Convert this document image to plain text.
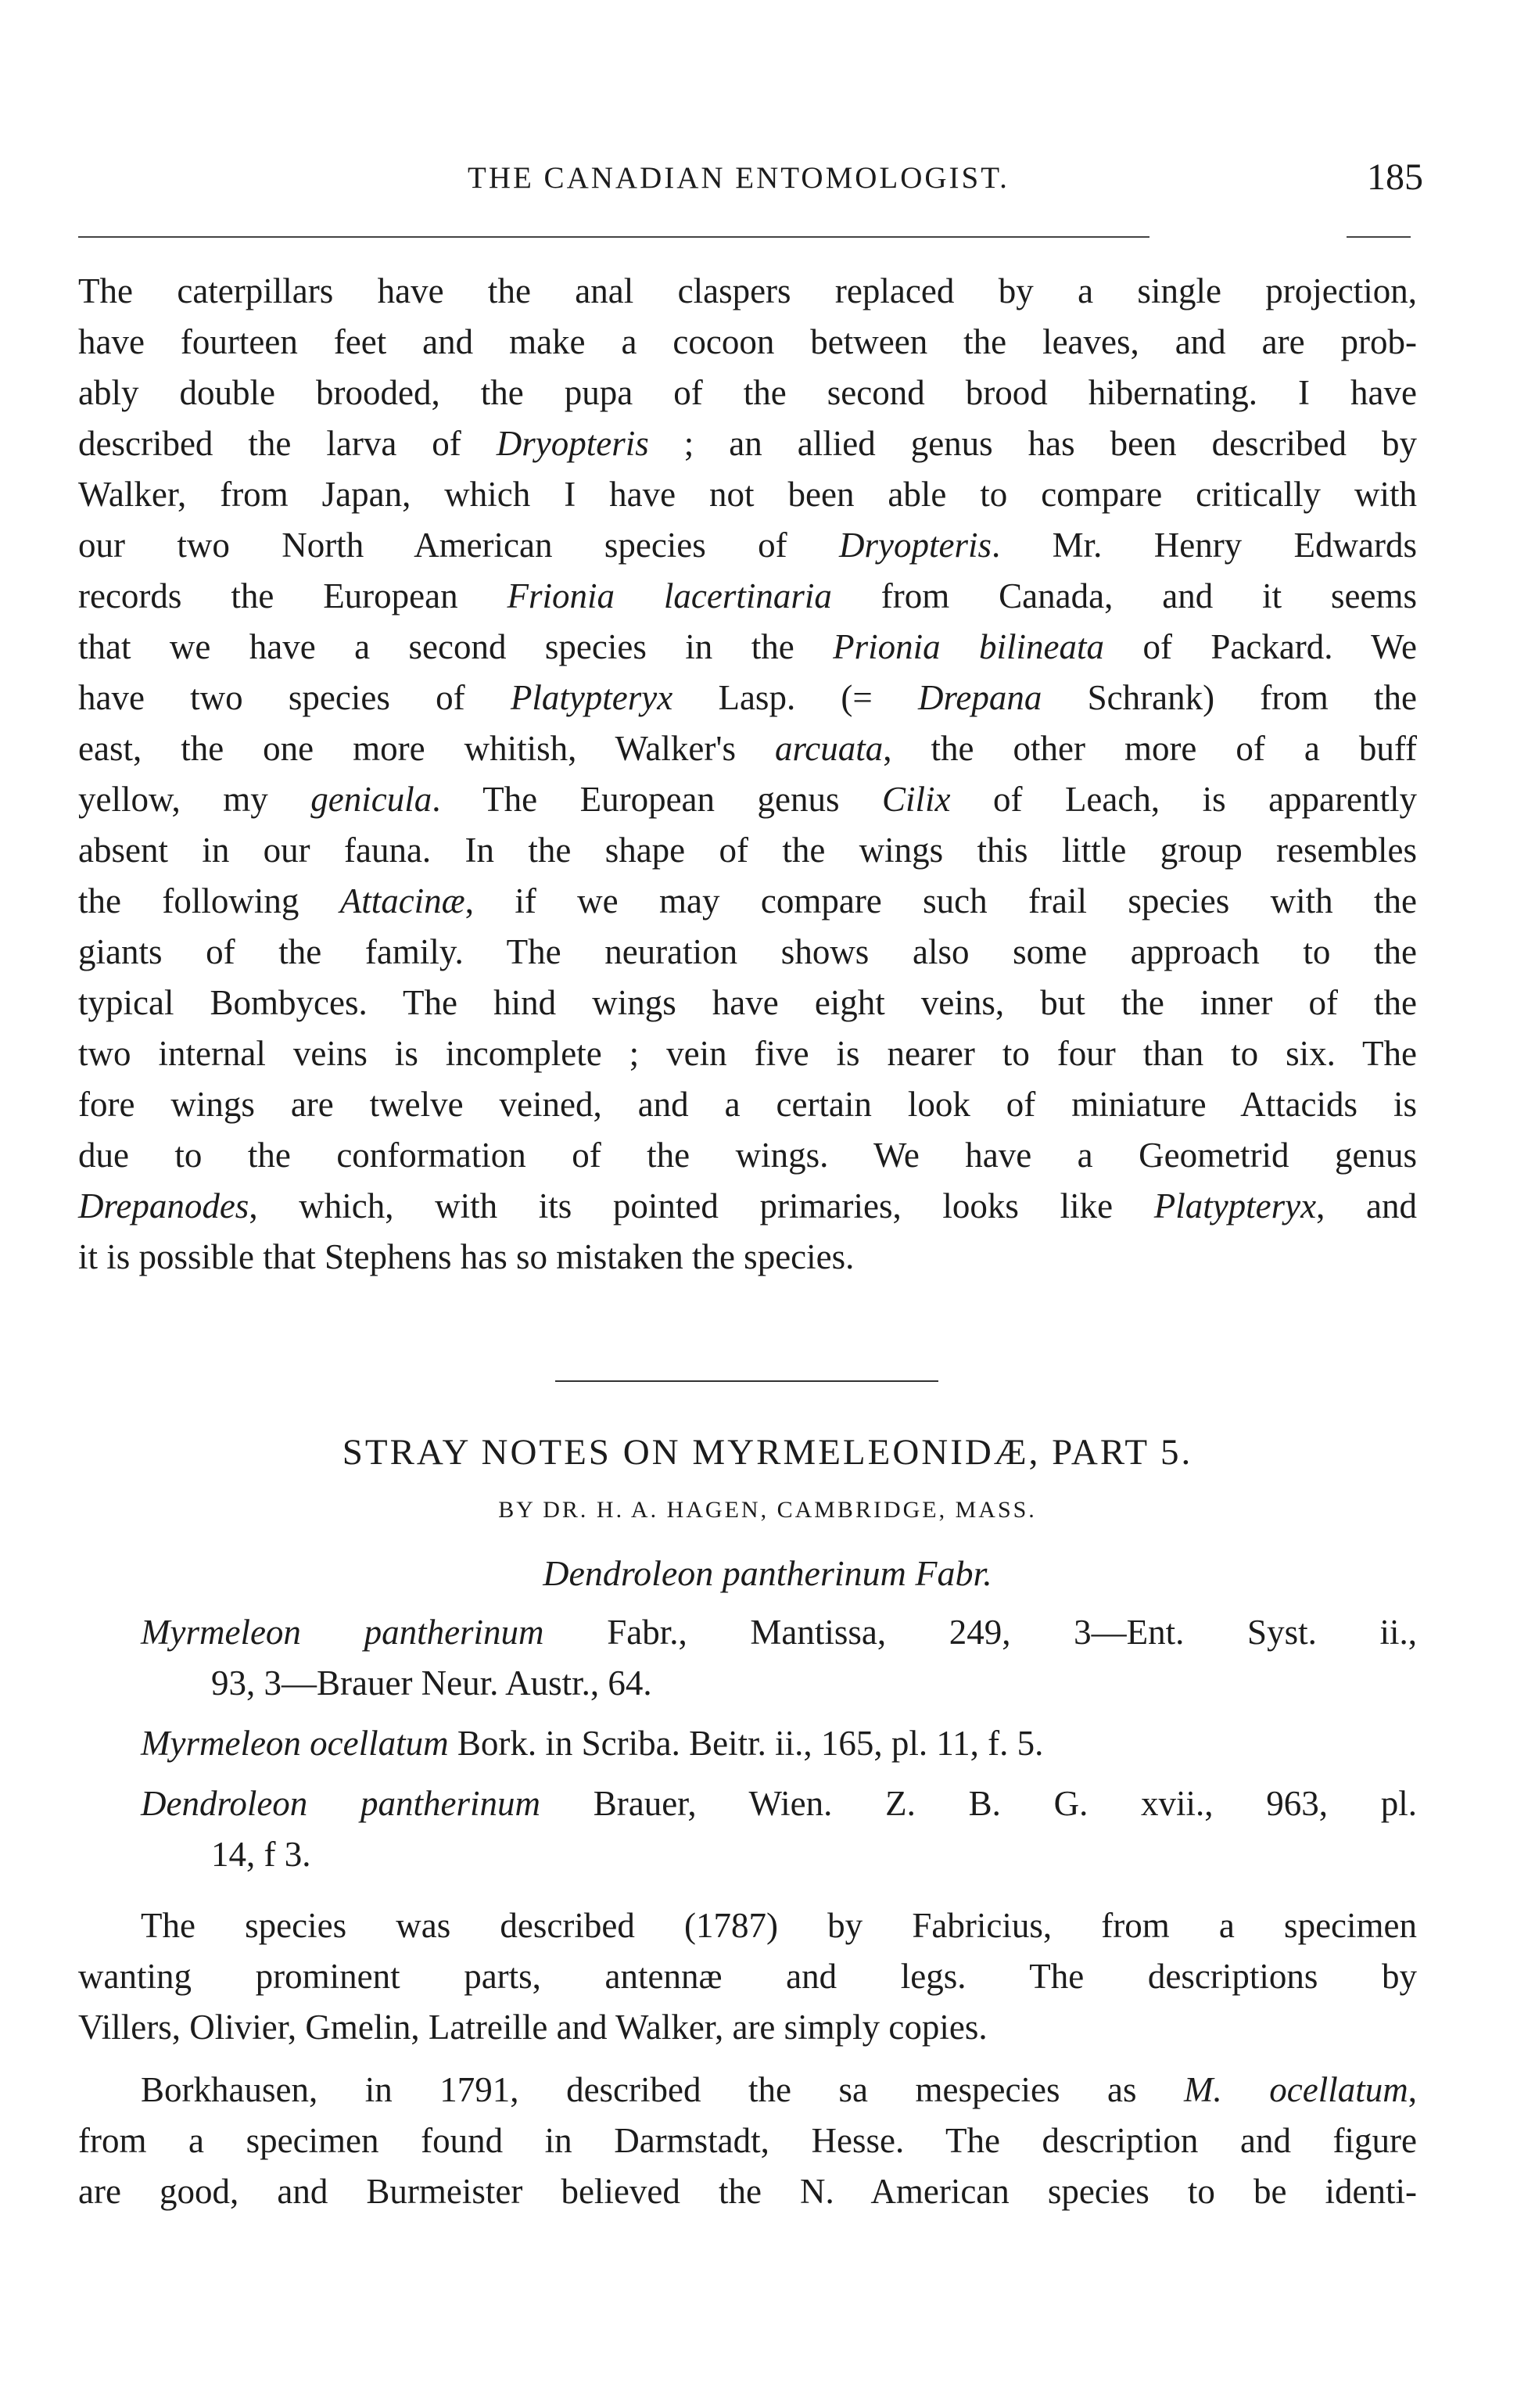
THE CANADIAN ENTOMOLOGIST.	185
The caterpillars have the anal claspers replaced by a single projection,
have fourteen feet and make a cocoon between the leaves, and are prob-
ably double brooded, the pupa of the second brood hibernating. I have
described the larva of Dryopteris ; an allied genus has been described by
Walker, from Japan, which I have not been able to compare critically with
our two North American species of Dryopteris. Mr. Henry Edwards
records the European Frionia lacertinaria from Canada, and it seems
that we have a second species in the Prionia bilineata of Packard. We
have two species of Platypteryx Lasp. (= Drepana Schrank) from the
east, the one more whitish, Walker's arcuata, the other more of a buff
yellow, my genicula. The European genus Cilix of Leach, is apparently
absent in our fauna. In the shape of the wings this little group resembles
the following Attacinæ, if we may compare such frail species with the
giants of the family. The neuration shows also some approach to the
typical Bombyces. The hind wings have eight veins, but the inner of the
two internal veins is incomplete ; vein five is nearer to four than to six. The
fore wings are twelve veined, and a certain look of miniature Attacids is
due to the conformation of the wings. We have a Geometrid genus
Drepanodes, which, with its pointed primaries, looks like Platypteryx, and
it is possible that Stephens has so mistaken the species.
STRAY NOTES ON MYRMELEONIDÆ, PART 5.
BY DR. H. A. HAGEN, CAMBRIDGE, MASS.
Dendroleon pantherinum Fabr.
Myrmeleon pantherinum Fabr., Mantissa, 249, 3—Ent. Syst. ii.,
93, 3—Brauer Neur. Austr., 64.
Myrmeleon ocellatum Bork. in Scriba. Beitr. ii., 165, pl. 11, f. 5.
Dendroleon pantherinum Brauer, Wien. Z. B. G. xvii., 963, pl.
14, f 3.
The species was described (1787) by Fabricius, from a specimen
wanting prominent parts, antennæ and legs. The descriptions by
Villers, Olivier, Gmelin, Latreille and Walker, are simply copies.
Borkhausen, in 1791, described the sa mespecies as M. ocellatum,
from a specimen found in Darmstadt, Hesse. The description and figure
are good, and Burmeister believed the N. American species to be identi-
